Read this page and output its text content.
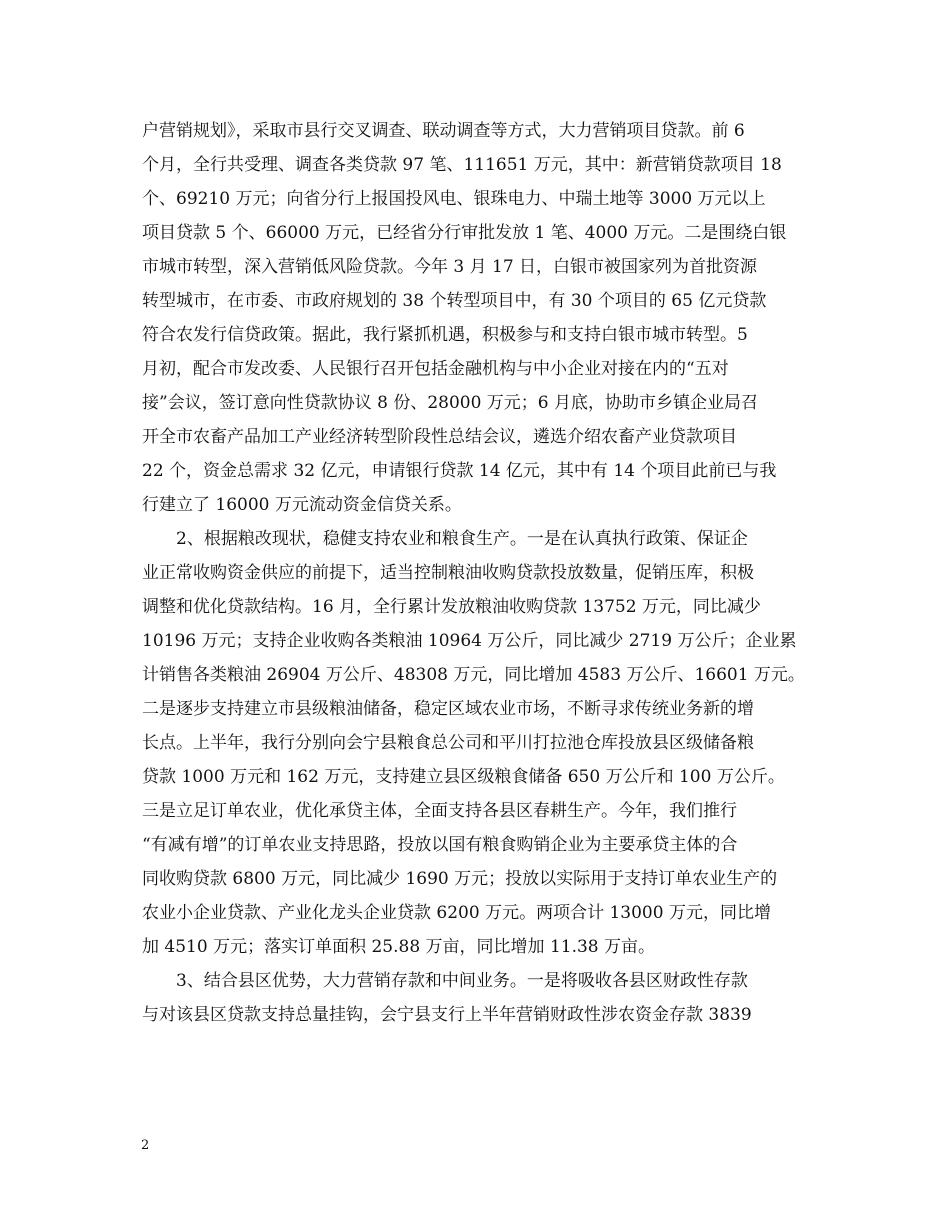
户营销规划》，采取市县行交叉调查、联动调查等方式，大力营销项目贷款。前 6
个月，全行共受理、调查各类贷款 97 笔、111651 万元，其中：新营销贷款项目 18
个、69210 万元；向省分行上报国投风电、银珠电力、中瑞土地等 3000 万元以上
项目贷款 5 个、66000 万元，已经省分行审批发放 1 笔、4000 万元。二是围绕白银
市城市转型，深入营销低风险贷款。今年 3 月 17 日，白银市被国家列为首批资源
转型城市，在市委、市政府规划的 38 个转型项目中，有 30 个项目的 65 亿元贷款
符合农发行信贷政策。据此，我行紧抓机遇，积极参与和支持白银市城市转型。5
月初，配合市发改委、人民银行召开包括金融机构与中小企业对接在内的“五对
接”会议，签订意向性贷款协议 8 份、28000 万元；6 月底，协助市乡镇企业局召
开全市农畜产品加工产业经济转型阶段性总结会议，遴选介绍农畜产业贷款项目
22 个，资金总需求 32 亿元，申请银行贷款 14 亿元，其中有 14 个项目此前已与我
行建立了 16000 万元流动资金信贷关系。
　　2、根据粮改现状，稳健支持农业和粮食生产。一是在认真执行政策、保证企
业正常收购资金供应的前提下，适当控制粮油收购贷款投放数量，促销压库，积极
调整和优化贷款结构。16 月，全行累计发放粮油收购贷款 13752 万元，同比减少
10196 万元；支持企业收购各类粮油 10964 万公斤，同比减少 2719 万公斤；企业累
计销售各类粮油 26904 万公斤、48308 万元，同比增加 4583 万公斤、16601 万元。
二是逐步支持建立市县级粮油储备，稳定区域农业市场，不断寻求传统业务新的增
长点。上半年，我行分别向会宁县粮食总公司和平川打拉池仓库投放县区级储备粮
贷款 1000 万元和 162 万元，支持建立县区级粮食储备 650 万公斤和 100 万公斤。
三是立足订单农业，优化承贷主体，全面支持各县区春耕生产。今年，我们推行
“有减有增”的订单农业支持思路，投放以国有粮食购销企业为主要承贷主体的合
同收购贷款 6800 万元，同比减少 1690 万元；投放以实际用于支持订单农业生产的
农业小企业贷款、产业化龙头企业贷款 6200 万元。两项合计 13000 万元，同比增
加 4510 万元；落实订单面积 25.88 万亩，同比增加 11.38 万亩。
　　3、结合县区优势，大力营销存款和中间业务。一是将吸收各县区财政性存款
与对该县区贷款支持总量挂钩，会宁县支行上半年营销财政性涉农资金存款 3839
2
